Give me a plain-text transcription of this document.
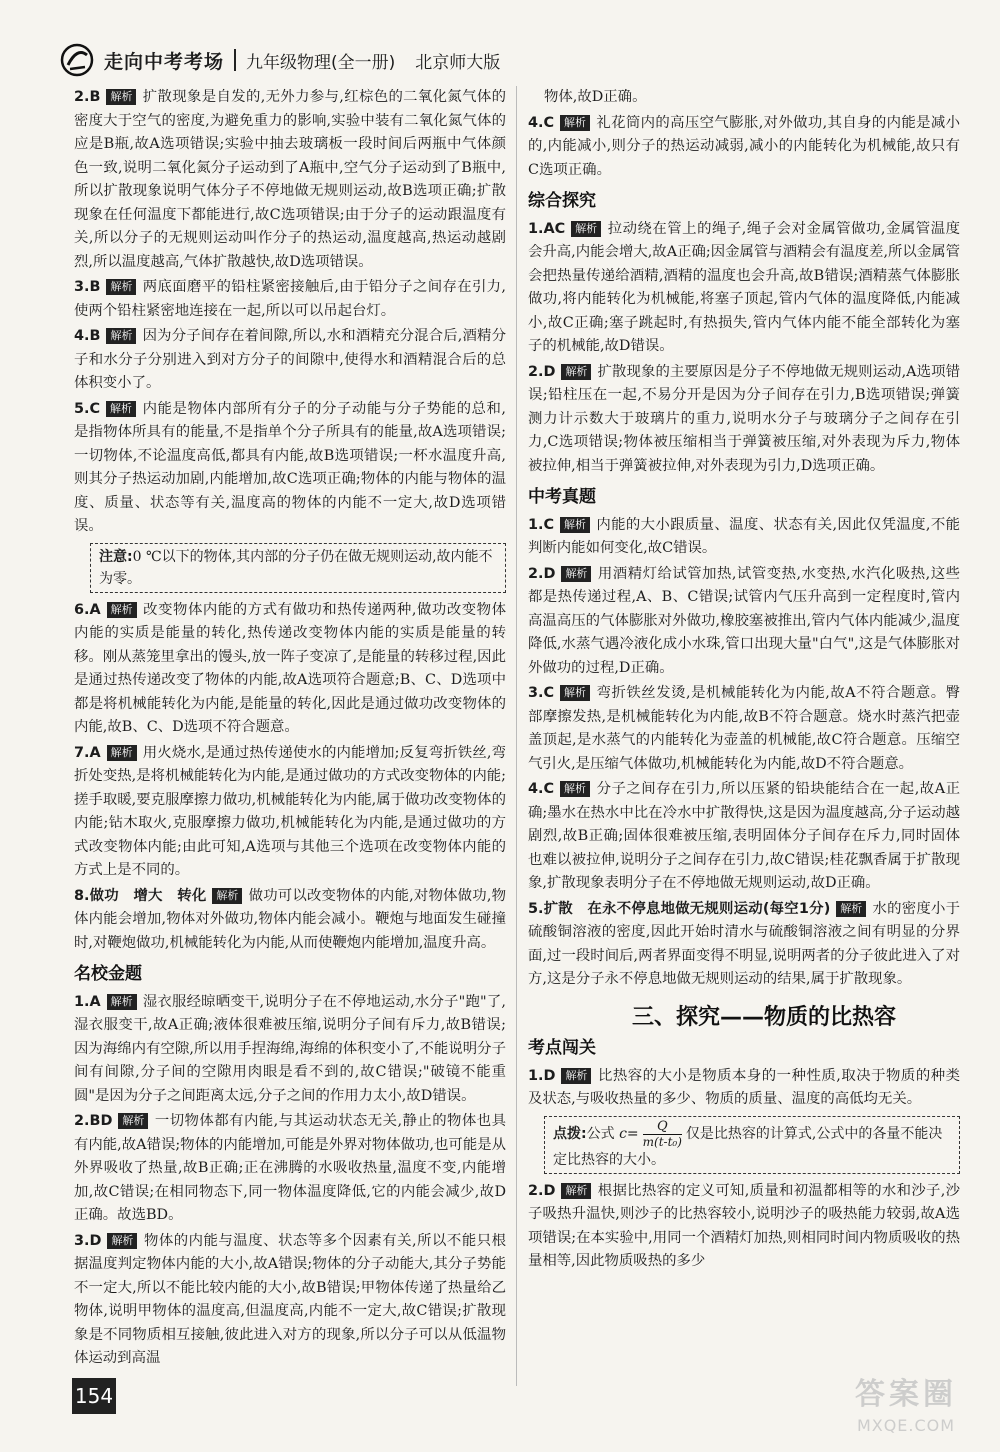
走向中考考场 九年级物理(全一册) 北京师大版
2.B 解析 扩散现象是自发的,无外力参与,红棕色的二氧化氮气体的密度大于空气的密度,为避免重力的影响,实验中装有二氧化氮气体的应是B瓶,故A选项错误;实验中抽去玻璃板一段时间后两瓶中气体颜色一致,说明二氧化氮分子运动到了A瓶中,空气分子运动到了B瓶中,所以扩散现象说明气体分子不停地做无规则运动,故B选项正确;扩散现象在任何温度下都能进行,故C选项错误;由于分子的运动跟温度有关,所以分子的无规则运动叫作分子的热运动,温度越高,热运动越剧烈,所以温度越高,气体扩散越快,故D选项错误。
3.B 解析 两底面磨平的铅柱紧密接触后,由于铅分子之间存在引力,使两个铅柱紧密地连接在一起,所以可以吊起台灯。
4.B 解析 因为分子间存在着间隙,所以,水和酒精充分混合后,酒精分子和水分子分别进入到对方分子的间隙中,使得水和酒精混合后的总体积变小了。
5.C 解析 内能是物体内部所有分子的分子动能与分子势能的总和,是指物体所具有的能量,不是指单个分子所具有的能量,故A选项错误;一切物体,不论温度高低,都具有内能,故B选项错误;一杯水温度升高,则其分子热运动加剧,内能增加,故C选项正确;物体的内能与物体的温度、质量、状态等有关,温度高的物体的内能不一定大,故D选项错误。
注意:0 ℃以下的物体,其内部的分子仍在做无规则运动,故内能不为零。
6.A 解析 改变物体内能的方式有做功和热传递两种,做功改变物体内能的实质是能量的转化,热传递改变物体内能的实质是能量的转移。刚从蒸笼里拿出的馒头,放一阵子变凉了,是能量的转移过程,因此是通过热传递改变了物体的内能,故A选项符合题意;B、C、D选项中都是将机械能转化为内能,是能量的转化,因此是通过做功改变物体的内能,故B、C、D选项不符合题意。
7.A 解析 用火烧水,是通过热传递使水的内能增加;反复弯折铁丝,弯折处变热,是将机械能转化为内能,是通过做功的方式改变物体的内能;搓手取暖,要克服摩擦力做功,机械能转化为内能,属于做功改变物体的内能;钻木取火,克服摩擦力做功,机械能转化为内能,是通过做功的方式改变物体内能;由此可知,A选项与其他三个选项在改变物体内能的方式上是不同的。
8.做功　增大　转化 解析 做功可以改变物体的内能,对物体做功,物体内能会增加,物体对外做功,物体内能会减小。鞭炮与地面发生碰撞时,对鞭炮做功,机械能转化为内能,从而使鞭炮内能增加,温度升高。
名校金题
1.A 解析 湿衣服经晾晒变干,说明分子在不停地运动,水分子"跑"了,湿衣服变干,故A正确;液体很难被压缩,说明分子间有斥力,故B错误;因为海绵内有空隙,所以用手捏海绵,海绵的体积变小了,不能说明分子间有间隙,分子间的空隙用肉眼是看不到的,故C错误;"破镜不能重圆"是因为分子之间距离太远,分子之间的作用力太小,故D错误。
2.BD 解析 一切物体都有内能,与其运动状态无关,静止的物体也具有内能,故A错误;物体的内能增加,可能是外界对物体做功,也可能是从外界吸收了热量,故B正确;正在沸腾的水吸收热量,温度不变,内能增加,故C错误;在相同物态下,同一物体温度降低,它的内能会减少,故D正确。故选BD。
3.D 解析 物体的内能与温度、状态等多个因素有关,所以不能只根据温度判定物体内能的大小,故A错误;物体的分子动能大,其分子势能不一定大,所以不能比较内能的大小,故B错误;甲物体传递了热量给乙物体,说明甲物体的温度高,但温度高,内能不一定大,故C错误;扩散现象是不同物质相互接触,彼此进入对方的现象,所以分子可以从低温物体运动到高温
物体,故D正确。
4.C 解析 礼花筒内的高压空气膨胀,对外做功,其自身的内能是减小的,内能减小,则分子的热运动减弱,减小的内能转化为机械能,故只有C选项正确。
综合探究
1.AC 解析 拉动绕在管上的绳子,绳子会对金属管做功,金属管温度会升高,内能会增大,故A正确;因金属管与酒精会有温度差,所以金属管会把热量传递给酒精,酒精的温度也会升高,故B错误;酒精蒸气体膨胀做功,将内能转化为机械能,将塞子顶起,管内气体的温度降低,内能减小,故C正确;塞子跳起时,有热损失,管内气体内能不能全部转化为塞子的机械能,故D错误。
2.D 解析 扩散现象的主要原因是分子不停地做无规则运动,A选项错误;铅柱压在一起,不易分开是因为分子间存在引力,B选项错误;弹簧测力计示数大于玻璃片的重力,说明水分子与玻璃分子之间存在引力,C选项错误;物体被压缩相当于弹簧被压缩,对外表现为斥力,物体被拉伸,相当于弹簧被拉伸,对外表现为引力,D选项正确。
中考真题
1.C 解析 内能的大小跟质量、温度、状态有关,因此仅凭温度,不能判断内能如何变化,故C错误。
2.D 解析 用酒精灯给试管加热,试管变热,水变热,水汽化吸热,这些都是热传递过程,A、B、C错误;试管内气压升高到一定程度时,管内高温高压的气体膨胀对外做功,橡胶塞被推出,管内气体内能减少,温度降低,水蒸气遇冷液化成小水珠,管口出现大量"白气",这是气体膨胀对外做功的过程,D正确。
3.C 解析 弯折铁丝发烫,是机械能转化为内能,故A不符合题意。臀部摩擦发热,是机械能转化为内能,故B不符合题意。烧水时蒸汽把壶盖顶起,是水蒸气的内能转化为壶盖的机械能,故C符合题意。压缩空气引火,是压缩气体做功,机械能转化为内能,故D不符合题意。
4.C 解析 分子之间存在引力,所以压紧的铅块能结合在一起,故A正确;墨水在热水中比在冷水中扩散得快,这是因为温度越高,分子运动越剧烈,故B正确;固体很难被压缩,表明固体分子间存在斥力,同时固体也难以被拉伸,说明分子之间存在引力,故C错误;桂花飘香属于扩散现象,扩散现象表明分子在不停地做无规则运动,故D正确。
5.扩散　在永不停息地做无规则运动(每空1分) 解析 水的密度小于硫酸铜溶液的密度,因此开始时清水与硫酸铜溶液之间有明显的分界面,过一段时间后,两者界面变得不明显,说明两者的分子彼此进入了对方,这是分子永不停息地做无规则运动的结果,属于扩散现象。
三、探究——物质的比热容
考点闯关
1.D 解析 比热容的大小是物质本身的一种性质,取决于物质的种类及状态,与吸收热量的多少、物质的质量、温度的高低均无关。
点拨:公式 $c= \frac{Q}{\text{m(t-t₀)}}$ 仅是比热容的计算式,公式中的各量不能决定比热容的大小。
2.D 解析 根据比热容的定义可知,质量和初温都相等的水和沙子,沙子吸热升温快,则沙子的比热容较小,说明沙子的吸热能力较弱,故A选项错误;在本实验中,用同一个酒精灯加热,则相同时间内物质吸收的热量相等,因此物质吸热的多少
154	答案圈
MXQE.COM
